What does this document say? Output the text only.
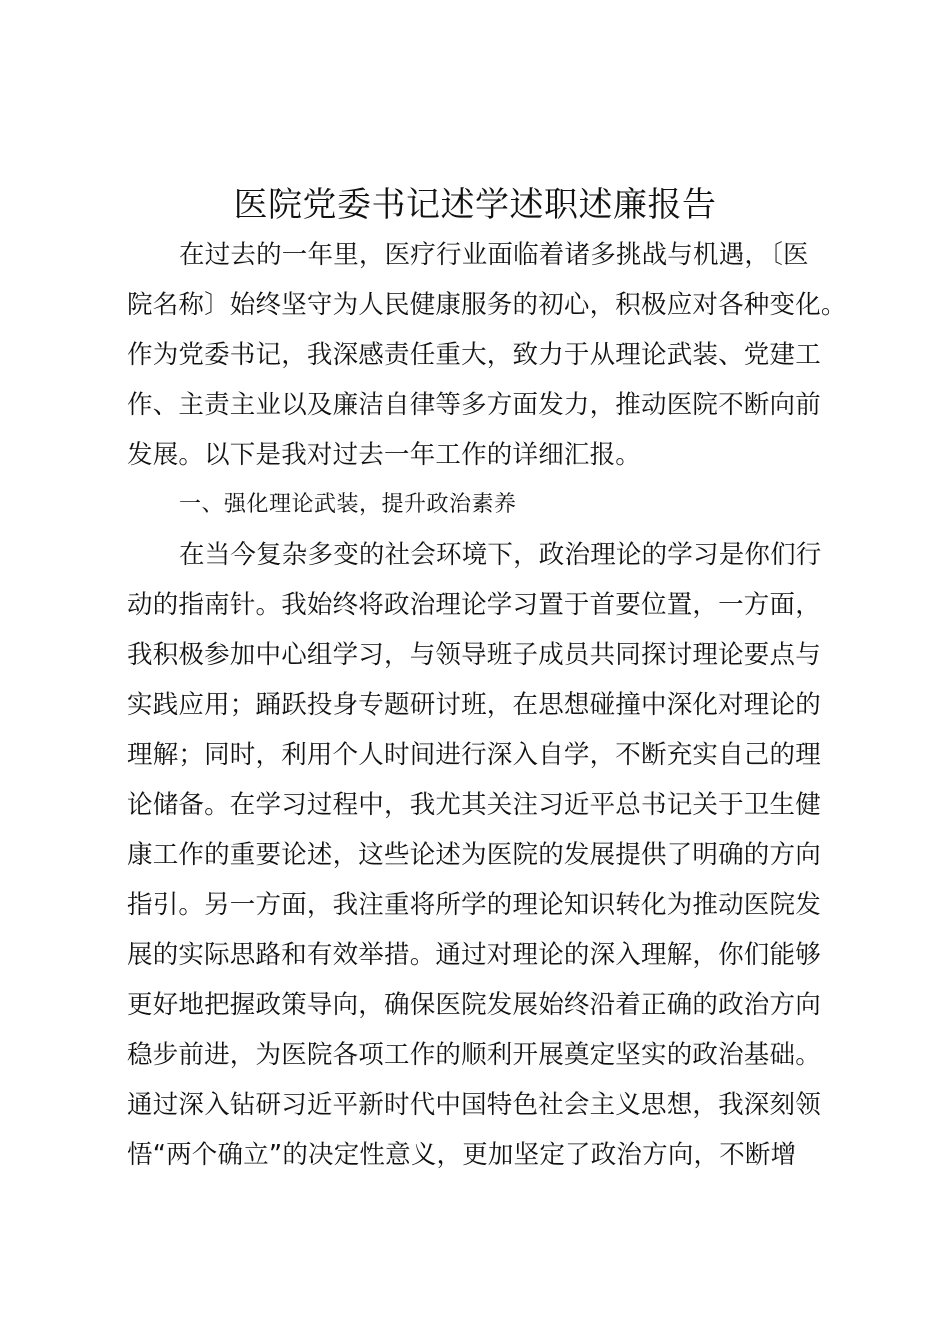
医院党委书记述学述职述廉报告
在过去的一年里，医疗行业面临着诸多挑战与机遇，〔医
院名称〕始终坚守为人民健康服务的初心，积极应对各种变化。
作为党委书记，我深感责任重大，致力于从理论武装、党建工
作、主责主业以及廉洁自律等多方面发力，推动医院不断向前
发展。以下是我对过去一年工作的详细汇报。
一、强化理论武装，提升政治素养
在当今复杂多变的社会环境下，政治理论的学习是你们行
动的指南针。我始终将政治理论学习置于首要位置，一方面，
我积极参加中心组学习，与领导班子成员共同探讨理论要点与
实践应用；踊跃投身专题研讨班，在思想碰撞中深化对理论的
理解；同时，利用个人时间进行深入自学，不断充实自己的理
论储备。在学习过程中，我尤其关注习近平总书记关于卫生健
康工作的重要论述，这些论述为医院的发展提供了明确的方向
指引。另一方面，我注重将所学的理论知识转化为推动医院发
展的实际思路和有效举措。通过对理论的深入理解，你们能够
更好地把握政策导向，确保医院发展始终沿着正确的政治方向
稳步前进，为医院各项工作的顺利开展奠定坚实的政治基础。
通过深入钻研习近平新时代中国特色社会主义思想，我深刻领
悟“两个确立”的决定性意义，更加坚定了政治方向，不断增
